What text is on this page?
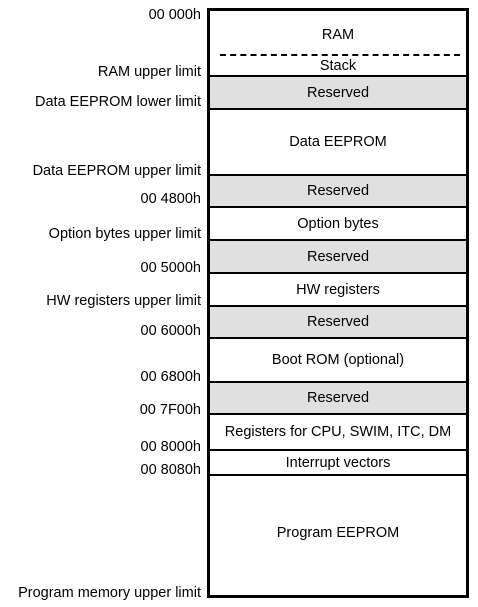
00 000h
RAM upper limit
Data EEPROM lower limit
Data EEPROM upper limit
00 4800h
Option bytes upper limit
00 5000h
HW registers upper limit
00 6000h
00 6800h
00 7F00h
00 8000h
00 8080h
Program memory upper limit
RAM
Stack
Reserved
Data EEPROM
Reserved
Option bytes
Reserved
HW registers
Reserved
Boot ROM (optional)
Reserved
Registers for CPU, SWIM, ITC, DM
Interrupt vectors
Program EEPROM
